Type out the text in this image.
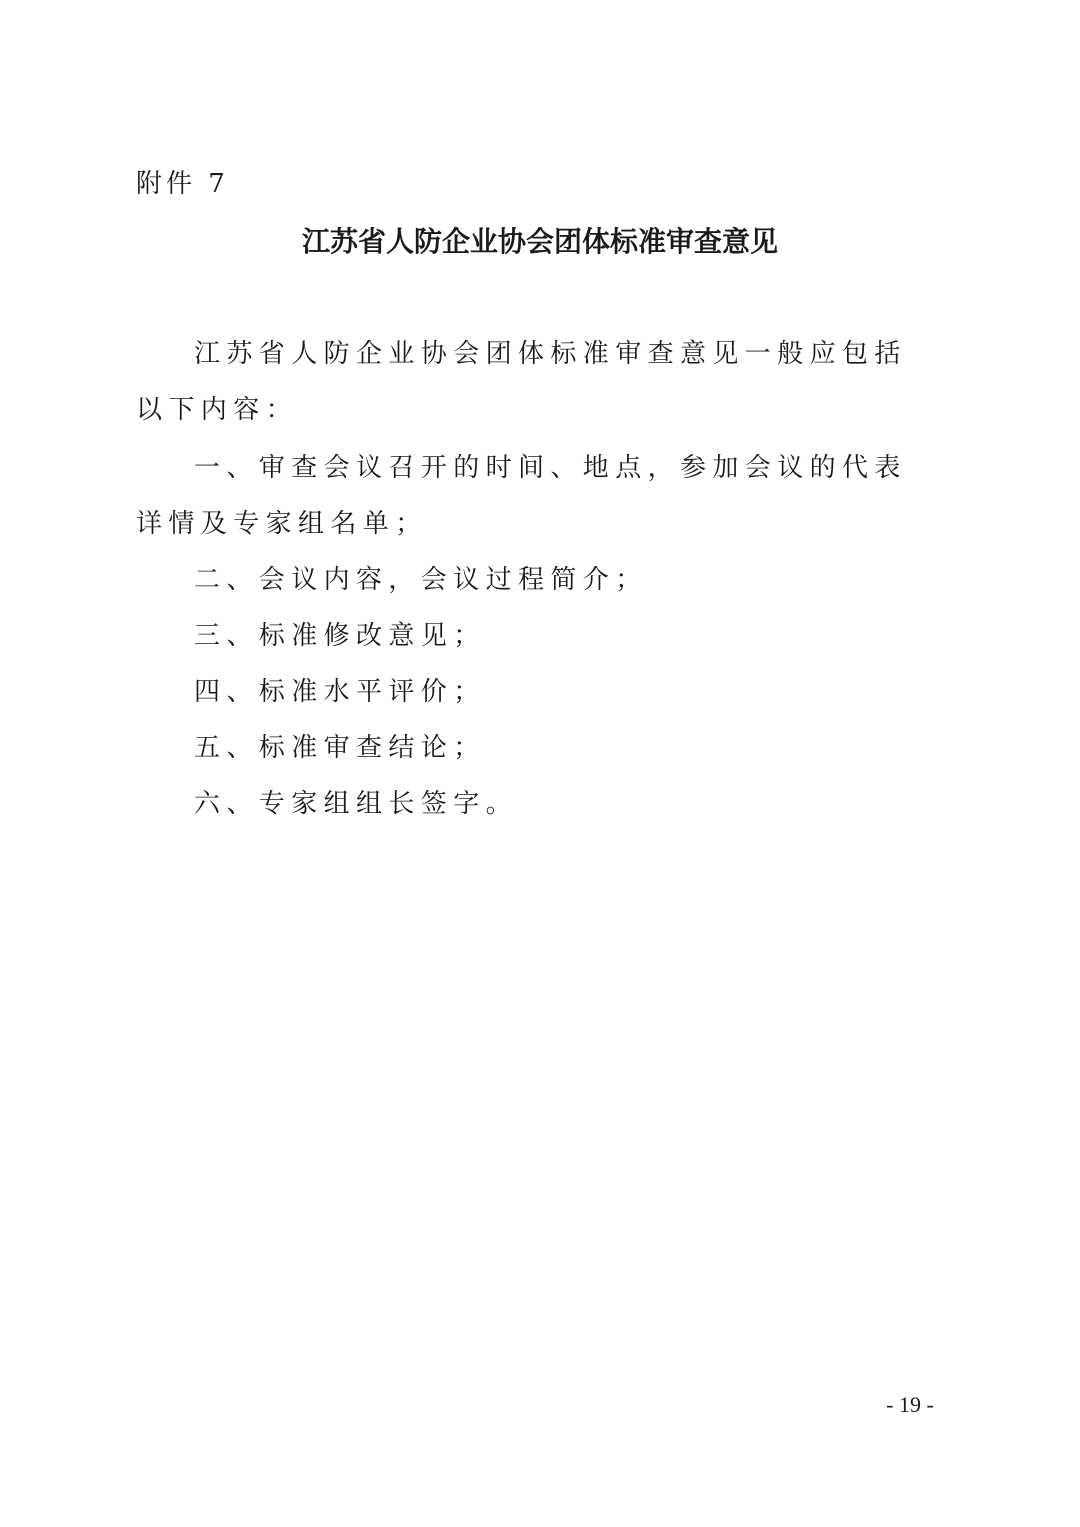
附件 7
江苏省人防企业协会团体标准审查意见

江苏省人防企业协会团体标准审查意见一般应包括以下内容：

一、审查会议召开的时间、地点，参加会议的代表详情及专家组名单；

二、会议内容，会议过程简介；
三、标准修改意见；
四、标准水平评价；
五、标准审查结论；
六、专家组组长签字。
- 19 -
